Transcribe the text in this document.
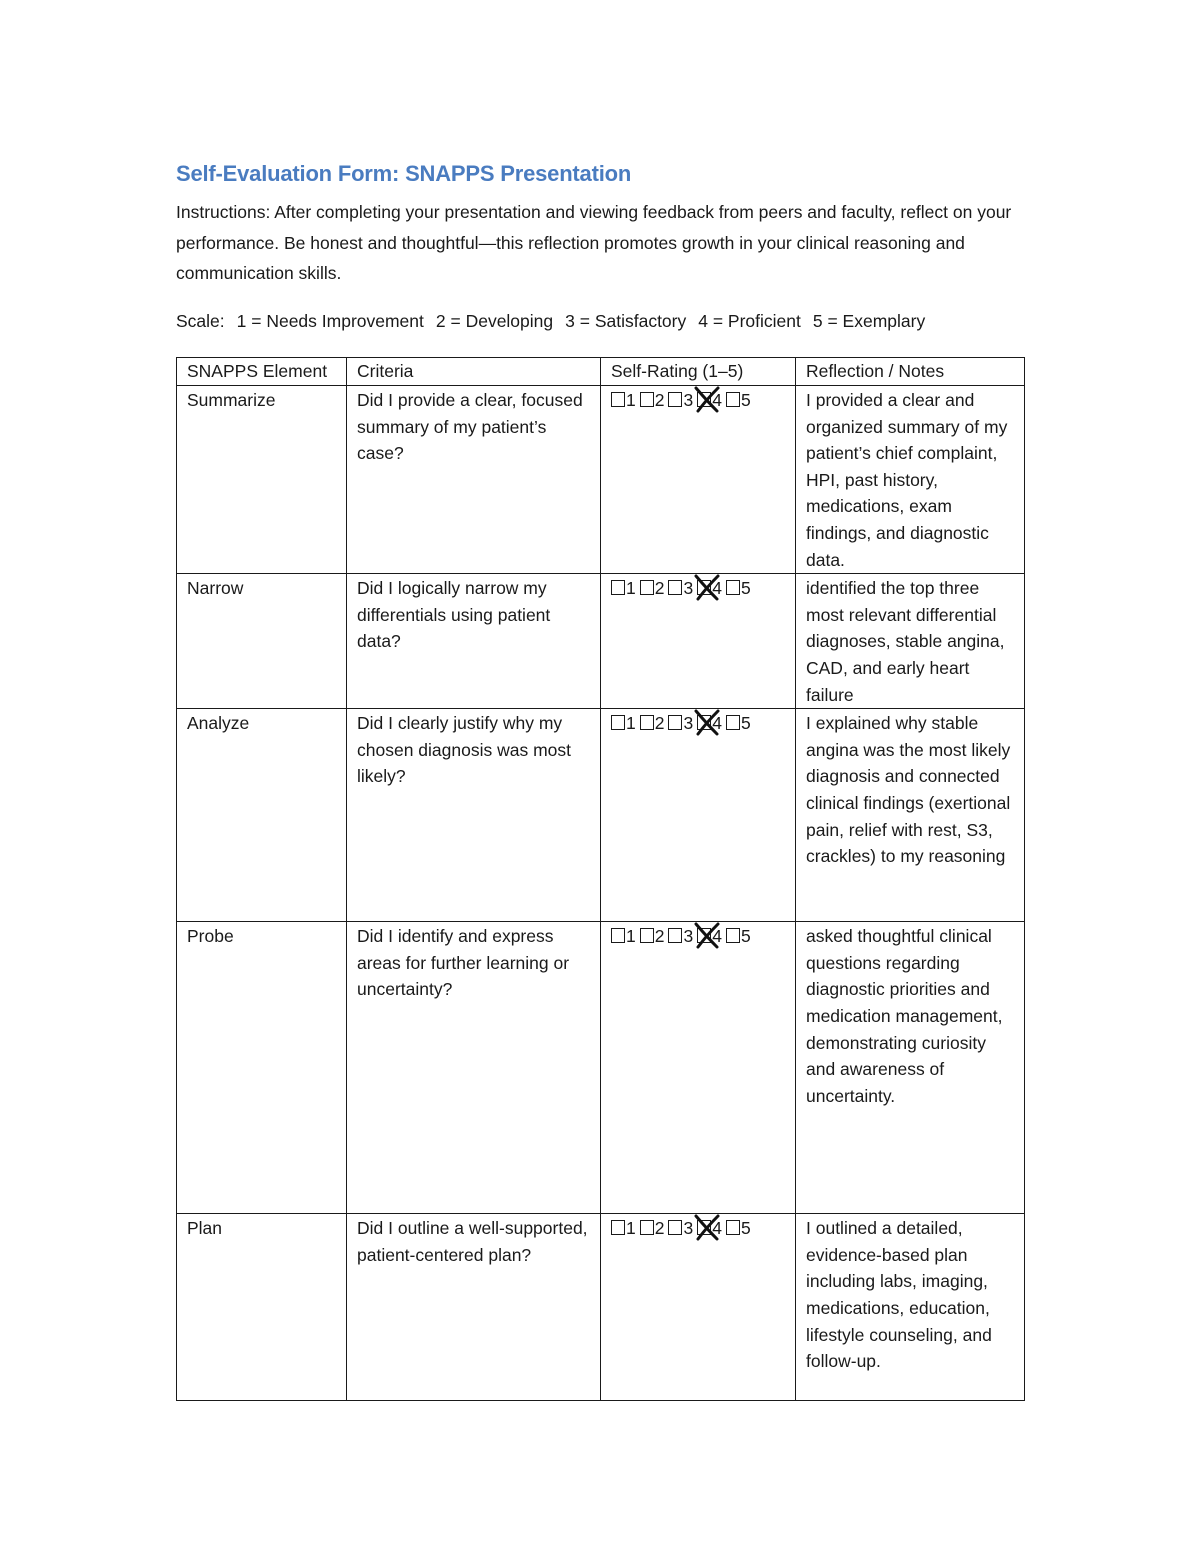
Self-Evaluation Form: SNAPPS Presentation
Instructions: After completing your presentation and viewing feedback from peers and faculty, reflect on your performance. Be honest and thoughtful—this reflection promotes growth in your clinical reasoning and communication skills.
Scale: 1 = Needs Improvement 2 = Developing 3 = Satisfactory 4 = Proficient 5 = Exemplary
SNAPPS Element	Criteria	Self-Rating (1–5)	Reflection / Notes
Summarize	Did I provide a clear, focused summary of my patient’s case?	1 2 3 4 5	I provided a clear and organized summary of my patient’s chief complaint, HPI, past history, medications, exam findings, and diagnostic data.
Narrow	Did I logically narrow my differentials using patient data?	1 2 3 4 5	identified the top three most relevant differential diagnoses, stable angina, CAD, and early heart failure
Analyze	Did I clearly justify why my chosen diagnosis was most likely?	1 2 3 4 5	I explained why stable angina was the most likely diagnosis and connected clinical findings (exertional pain, relief with rest, S3, crackles) to my reasoning
Probe	Did I identify and express areas for further learning or uncertainty?	1 2 3 4 5	asked thoughtful clinical questions regarding diagnostic priorities and medication management, demonstrating curiosity and awareness of uncertainty.
Plan	Did I outline a well-supported, patient-centered plan?	1 2 3 4 5	I outlined a detailed, evidence-based plan including labs, imaging, medications, education, lifestyle counseling, and follow-up.
